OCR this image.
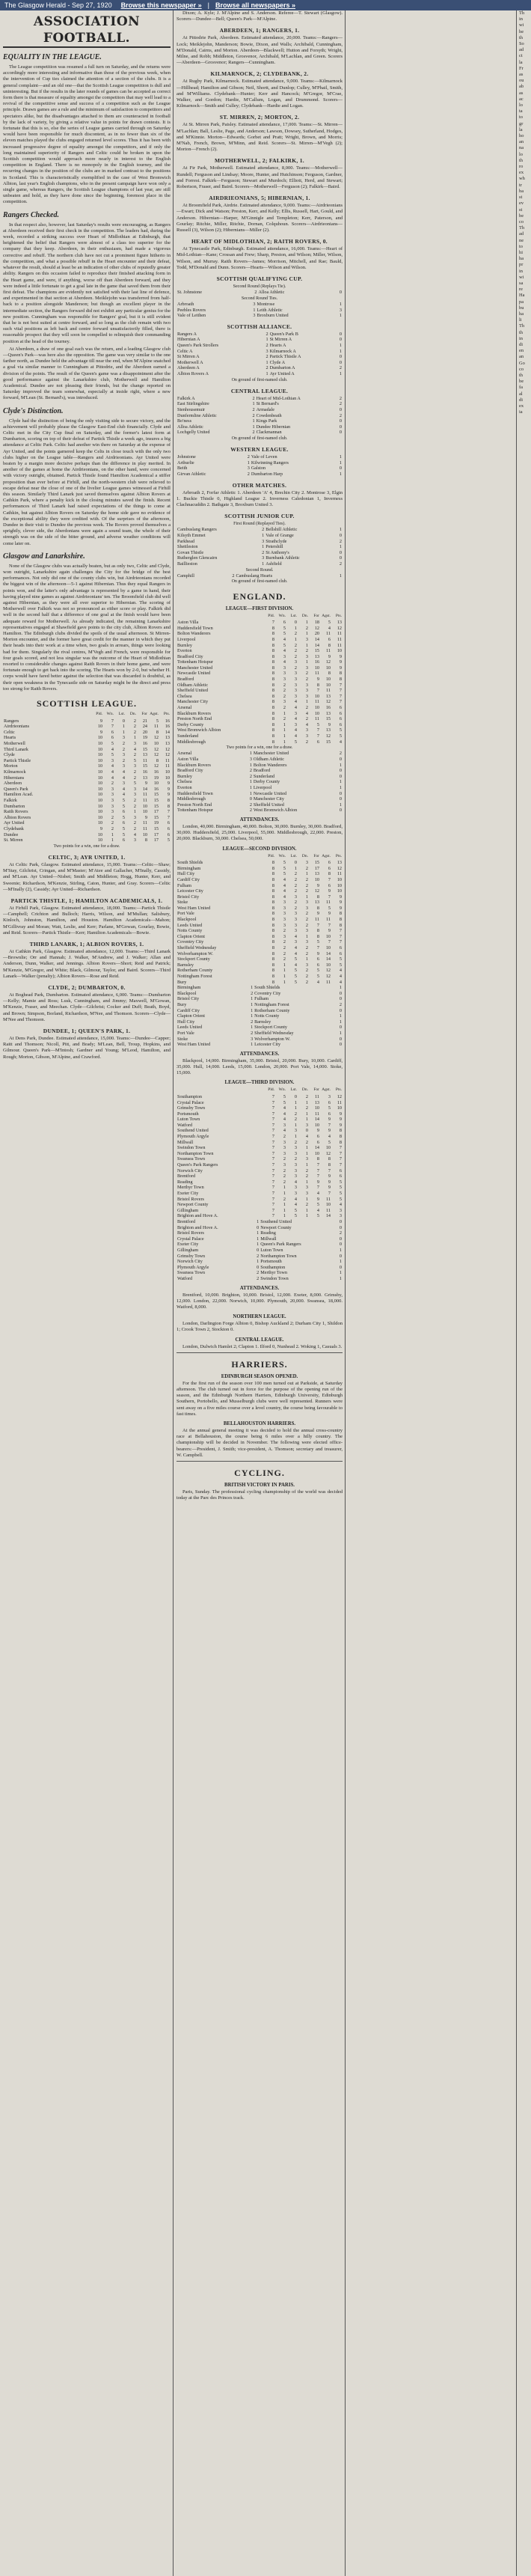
The Glasgow Herald - Sep 27, 1920 Browse this newspaper » | Browse all newspapers »
ASSOCIATION FOOTBALL.
EQUALITY IN THE LEAGUE.

The League competition was resumed a full turn on Saturday, and the returns were accordingly more interesting and informative than those of the previous week, when the intervention of Cup ties claimed the attention of a section of the clubs. It is a general complaint—and an old one—that the Scottish League competition is dull and uninteresting. But if the results in the later rounds of games can be accepted as correct form there is that measure of equality amongst the competitors that may well lead to a revival of the competitive sense and success of a competition such as the League principle. Drawn games are a rule and the minimum of satisfaction to competitors and spectators alike, but the disadvantages attached to them are counteracted in football by the lack of variety, by giving a relative value in points for drawn contests. It is fortunate that this is so, else the series of League games carried through on Saturday would have been responsible for much discontent, as in no fewer than six of the eleven matches played the clubs engaged returned level scores. Thus it has been with increased progressive degree of equality amongst the competitors, and if only the long maintained superiority of Rangers and Celtic could be broken in upon the Scottish competition would approach more nearly in interest to the English competition in England. There is no monopoly in the English tourney, and the recurring changes in the position of the clubs are in marked contrast to the positions in Scotland. This is characteristically exemplified in the case of West Bromwich Albion, last year's English champions, who in the present campaign have won only a single game, whereas Rangers, the Scottish League champions of last year, are still unbeaten and hold, as they have done since the beginning, foremost place in the competition.

Rangers Checked.

In that respect also, however, last Saturday's results were encouraging, as Rangers at Aberdeen received their first check in the competition. The leaders had, during the week, recorded a striking success over Heart of Midlothian at Edinburgh, that heightened the belief that Rangers were almost of a class too superior for the company that they keep. Aberdeen, in their enthusiasm, had made a vigorous corrective and rebuff. The northern club have not cut a prominent figure hitherto in the competition, and what a possible rebuff in the Heart encounter and their defeat, whatever the result, should at least be an indication of other clubs of reputedly greater ability. Rangers on this occasion failed to reproduce their finished attacking form in the Heart game, and were, if anything, worse off than Aberdeen forward, and they were indeed a little fortunate to get a goal late in the game that saved them from their first defeat. The champions are evidently not satisfied with their last line of defence, and experimented in that section at Aberdeen. Meiklejohn was transferred from half-back to a position alongside Manderson; but though an excellent player in the intermediate section, the Rangers forward did not exhibit any particular genius for the new position. Cunningham was responsible for Rangers' goal, but it is still evident that he is not best suited at centre forward, and so long as the club remain with two such vital positions as left back and centre forward unsatisfactorily filled, there is reasonable prospect that they will soon be compelled to relinquish their commanding position at the head of the tourney.

At Aberdeen, a draw of one goal each was the return, and a leading Glasgow club—Queen's Park—was here also the opposition. The game was very similar to the one farther north, as Dundee held the advantage till near the end, when M'Alpine snatched a goal via similar manner to Cunningham at Pittodrie, and the Aberdeen earned a division of the points. The result of the Queen's game was a disappointment after the good performance against the Lanarkshire club, Motherwell and Hamilton Academical. Dundee are not pleasing their friends, but the change reported on Saturday improved the team somewhat, especially at inside right, where a new forward, M'Lean (St. Bernard's), was introduced.

Clyde's Distinction.

Clyde had the distinction of being the only visiting side to secure victory, and the achievement will probably please the Glasgow East-End club financially. Clyde and Celtic met in the City Cup final on Saturday, and the former's latest form at Dumbarton, scoring on top of their defeat of Partick Thistle a week ago, insures a big attendance at Celtic Park. Celtic had another win there on Saturday at the expense of Ayr United, and the points garnered keep the Celts in close touch with the only two clubs higher on the League table—Rangers and Airdrieonians. Ayr United were beaten by a margin more decisive perhaps than the difference in play merited. In another of the games at home the Airdrieonians, on the other hand, were concerned with victory outright, obtained. Partick Thistle found Hamilton Academical a stiffer proposition than ever before at Firhill, and the north-western club were relieved to escape defeat near the close of one of the livelier League games witnessed at Firhill this season. Similarly Third Lanark just saved themselves against Albion Rovers at Cathkin Park, where a penalty kick in the closing minutes saved the finish. Recent performances of Third Lanark had raised expectations of the things to come at Cathkin, but against Albion Rovers on Saturday the home side gave no evidence of the exceptional ability they were credited with. Of the surprises of the afternoon, Dundee in their visit to Dundee the previous week. The Rovers proved themselves a sprightly, clever side, the Aberdonians were again a sound team, the whole of their strength was on the side of the bitter ground, and adverse weather conditions will come later on.

Glasgow and Lanarkshire.

None of the Glasgow clubs was actually beaten, but as only two, Celtic and Clyde, won outright, Lanarkshire again challenges the City for the bridge of the best performances. Not only did one of the county clubs win, but Airdrieonians recorded the biggest win of the afternoon—5-1 against Hibernian. Thus they equal Rangers in points won, and the latter's only advantage is represented by a game in hand, their having played nine games as against Airdrieonians' ten. The Broomfield club did well against Hibernian, as they were all over superior to Hibernian. The scoring of Motherwell over Falkirk was not so pronounced as either score or play. Falkirk did well in the second half that a difference of one goal at the finish would have been adequate reward for Motherwell. As already indicated, the remaining Lanarkshire representatives engaged at Shawfield gave points to the city club, Albion Rovers and Hamilton. The Edinburgh clubs divided the spoils of the usual afternoon. St Mirren-Morton encounter, and the former have great credit for the manner in which they put their heads into their work at a time when, two goals in arrears, things were looking bad for them. Singularly the rival centres, M'Vegh and French, were responsible for four goals scored, and not less singular was the outcome of the Heart of Midlothian resorted to considerable changes against Raith Rovers in their home game, and were fortunate enough to get back into the scoring. The Hearts won by 2-0, but whether H. corps would have fared better against the selection that was discarded is doubtful, as their open weakness in the Tynecastle side on Saturday might be the direct and press too strong for Raith Rovers.

SCOTTISH LEAGUE.
	Pld.	Wn.	Lst.	Dn.	For	Agst.	Pts.
Rangers	9	7	0	2	21	5	16
Airdrieonians	10	7	1	2	24	11	16
Celtic	9	6	1	2	20	8	14
Hearts	10	6	3	1	19	12	13
Motherwell	10	5	2	3	16	10	13
Third Lanark	10	4	2	4	15	12	12
Clyde	10	5	3	2	13	12	12
Partick Thistle	10	3	2	5	11	8	11
Morton	10	4	3	3	15	12	11
Kilmarnock	10	4	4	2	16	16	10
Hibernians	10	4	4	2	13	19	10
Aberdeen	10	2	3	5	9	10	9
Queen's Park	10	3	4	3	14	16	9
Hamilton Acad.	10	3	4	3	11	15	9
Falkirk	10	3	5	2	11	15	8
Dumbarton	10	3	5	2	10	15	8
Raith Rovers	10	3	6	1	10	17	7
Albion Rovers	10	2	5	3	9	15	7
Ayr United	10	2	6	2	11	19	6
Clydebank	9	2	5	2	11	15	6
Dundee	10	1	5	4	10	17	6
St. Mirren	10	1	6	3	8	17	5
Two points for a win, one for a draw.
CELTIC, 3; AYR UNITED, 1.

At Celtic Park, Glasgow. Estimated attendance, 15,000. Teams:—Celtic—Shaw; M'Stay, Gilchrist, Cringan, and M'Master; M'Atee and Gallacher, M'Inally, Cassidy, and M'Lean. Ayr United—Nisbet; Smith and Middleton; Hogg, Hunter, Kerr, and Sweenie; Richardson, M'Kenzie, Stirling, Caton, Hunter, and Gray. Scorers—Celtic—M'Inally (2), Cassidy; Ayr United—Richardson.

PARTICK THISTLE, 1; HAMILTON ACADEMICALS, 1.

At Firhill Park, Glasgow. Estimated attendance, 18,000. Teams:—Partick Thistle—Campbell; Crichton and Bulloch; Harris, Wilson, and M'Mullan; Salisbury, Kinloch, Johnston, Hamilton, and Houston. Hamilton Academicals—Mahon; M'Gillivray and Moran; Watt, Leslie, and Kerr; Parlane, M'Gowan, Gourlay, Bowie, and Reid. Scorers—Partick Thistle—Kerr; Hamilton Academicals—Bowie.

THIRD LANARK, 1; ALBION ROVERS, 1.

At Cathkin Park, Glasgow. Estimated attendance, 12,000. Teams:—Third Lanark—Brownlie; Orr and Hannah; J. Walker, M'Andrew, and J. Walker; Allan and Anderson, Dunn, Walker, and Jennings. Albion Rovers—Short; Reid and Patrick; M'Kenzie, M'Gregor, and White; Black, Gilmour, Taylor, and Baird. Scorers—Third Lanark—Walker (penalty); Albion Rovers—Rose and Reid.

CLYDE, 2; DUMBARTON, 0.

At Boghead Park, Dumbarton. Estimated attendance, 6,000. Teams:—Dumbarton—Kelly; Mamie and Ross; Lusk, Cunningham, and Jimmy; Maxwell, M'Gowan, M'Kenzie, Fraser, and Meechan. Clyde—Gilchrist; Cocker and Duff; Beath, Boyd, and Brown; Simpson, Borland, Richardson, M'Nee, and Thomson. Scorers—Clyde—M'Nee and Thomson.

DUNDEE, 1; QUEEN'S PARK, 1.

At Dens Park, Dundee. Estimated attendance, 15,000. Teams:—Dundee—Capper; Raitt and Thomson; Nicoll, Pitt, and Brady; M'Lean, Bell, Troup, Hopkins, and Gilmour. Queen's Park—M'Intosh; Gardner and Young; M'Leod, Hamilton, and Rough; Morton, Gibson, M'Alpine, and Crawford.

Dixon; A. Kyle; J. M'Alpine and S. Anderson. Referee—T. Stewart (Glasgow). Scorers—Dundee—Bell; Queen's Park—M'Alpine.

ABERDEEN, 1; RANGERS, 1.

At Pittodrie Park, Aberdeen. Estimated attendance, 20,000. Teams:—Rangers—Lock; Meiklejohn, Manderson; Bowie, Dixon, and Walls; Archibald, Cunningham, M'Donald, Cairns, and Morton. Aberdeen—Blackwell; Hutton and Forsyth; Wright, Milne, and Robb; Middleton, Grosvenor, Archibald, M'Lachlan, and Green. Scorers—Aberdeen—Grosvenor; Rangers—Cunningham.

KILMARNOCK, 2; CLYDEBANK, 2.

At Rugby Park, Kilmarnock. Estimated attendance, 9,000. Teams:—Kilmarnock—Hillhead; Hamilton and Gibson; Neil, Shortt, and Dunlop; Culley, M'Phail, Smith, and M'Williams. Clydebank—Hunter; Kerr and Hancock; M'Gregor, M'Crae, Walker, and Gordon; Hardie, M'Callum, Logan, and Drummond. Scorers—Kilmarnock—Smith and Culley; Clydebank—Hardie and Logan.

ST. MIRREN, 2; MORTON, 2.

At St. Mirren Park, Paisley. Estimated attendance, 17,000. Teams:—St. Mirren—M'Lachlan; Ball, Leslie, Page, and Anderson; Lawson, Dowsey, Sutherland, Hodges, and M'Kinnie. Morton—Edwards; Gorbet and Pratt; Wright, Brown, and Morris; M'Nab, French, Brown, M'Minn, and Reid. Scorers—St. Mirren—M'Vegh (2); Morton—French (2).

MOTHERWELL, 2; FALKIRK, 1.

At Fir Park, Motherwell. Estimated attendance, 8,000. Teams:—Motherwell—Rundell; Ferguson and Lindsay; Moore, Hunter, and Hutchinson; Ferguson, Gardner, and Forrest. Falkirk—Ferguson; Stewart and Murdoch; Elliott, Herd, and Stewart; Robertson, Fraser, and Baird. Scorers—Motherwell—Ferguson (2); Falkirk—Baird.

AIRDRIEONIANS, 5; HIBERNIAN, 1.

At Broomfield Park, Airdrie. Estimated attendance, 9,000. Teams:—Airdrieonians—Ewart; Dick and Watson; Preston, Kerr, and Kelly; Ellis, Russell, Hart, Gould, and Anderson. Hibernian—Harper, M'Ginnigle and Templeton; Kerr, Paterson, and Gourlay; Ritchie, Miller, Ritchie, Dornan, Colquhoun. Scorers—Airdrieonians—Russell (3), Wilson (2); Hibernians—Miller (2).

HEART OF MIDLOTHIAN, 2; RAITH ROVERS, 0.

At Tynecastle Park, Edinburgh. Estimated attendance, 16,000. Teams:—Heart of Mid-Lothian—Kane; Crossan and Frew; Sharp, Preston, and Wilson; Miller, Wilson, Wilson, and Murray. Raith Rovers—James; Morrison, Mitchell, and Rae; Bauld, Todd, M'Donald and Dunn. Scorers—Hearts—Wilson and Wilson.

SCOTTISH QUALIFYING CUP.
Second Round (Replays Tie).
St. Johnstone	2	Alloa Athletic	0
Second Round Ties.
Arbroath	3	Montrose	1
Peebles Rovers	1	Leith Athletic	3
Vale of Leithen	3	Broxburn United	1
SCOTTISH ALLIANCE.
Rangers A	2	Queen's Park B	0
Hibernian A	1	St Mirren A	0
Queen's Park Strollers	2	Hearts A	1
Celtic A	3	Kilmarnock A	1
St Mirren A	2	Partick Thistle A	0
Motherwell A	1	Clyde A	0
Aberdeen A	2	Dumbarton A	2
Albion Rovers A	1	Ayr United A	1
On ground of first-named club.
CENTRAL LEAGUE.
Falkirk A	2	Heart of Mid-Lothian A	2
East Stirlingshire	1	St Bernard's	2
Stenhousemuir	2	Armadale	0
Dunfermline Athletic	2	Cowdenbeath	2
Bo'ness	1	Kings Park	0
Alloa Athletic	1	Dundee Hibernian	0
Lochgelly United	2	Clackmannan	0
On ground of first-named club.
WESTERN LEAGUE.
Johnstone	2	Vale of Leven	1
Arthurlie	1	Kilwinning Rangers	1
Beith	3	Galston	0
Girvan Athletic	2	Dumbarton Harp	1
OTHER MATCHES.

Arbroath 2, Forfar Athletic 1. Aberdeen 'A' 4, Brechin City 2. Montrose 3, Elgin 1. Buckie Thistle 0, Highland League 2. Inverness Caledonian 1, Inverness Clachnacuddin 2. Bathgate 3, Broxburn United 3.

SCOTTISH JUNIOR CUP.
First Round (Replayed Ties).
Cambuslang Rangers	2	Bellshill Athletic	1
Kilsyth Emmet	1	Vale of Grange	0
Parkhead	3	Strathclyde	2
Shettleston	1	Petershill	1
Govan Thistle	2	St Anthony's	0
Rutherglen Glencairn	3	Burnbank Athletic	0
Baillieston	1	Ashfield	2
Second Round.
Camphill	2	Cambuslang Hearts	1
On ground of first-named club.
ENGLAND.
LEAGUE—FIRST DIVISION.
	Pld.	Wn.	Lst.	Dn.	For	Agst.	Pts.
Aston Villa	7	6	0	1	18	5	13
Huddersfield Town	8	5	1	2	12	4	12
Bolton Wanderers	8	5	2	1	20	11	11
Liverpool	8	4	1	3	14	6	11
Burnley	8	5	2	1	14	8	11
Everton	8	4	2	2	15	11	10
Bradford City	8	3	2	3	13	9	9
Tottenham Hotspur	8	4	3	1	16	12	9
Manchester United	8	3	2	3	10	10	9
Newcastle United	8	3	3	2	11	8	8
Bradford	8	3	3	2	9	10	8
Oldham Athletic	8	2	3	3	8	10	7
Sheffield United	8	2	3	3	7	11	7
Chelsea	8	2	3	3	10	13	7
Manchester City	8	3	4	1	11	12	7
Arsenal	8	2	4	2	10	16	6
Blackburn Rovers	8	1	3	4	10	13	6
Preston North End	8	2	4	2	11	15	6
Derby County	8	1	3	4	5	9	6
West Bromwich Albion	8	1	4	3	7	13	5
Sunderland	8	1	4	3	7	12	5
Middlesbrough	8	1	5	2	6	15	4
Two points for a win, one for a draw.
Arsenal	1	Manchester United	2
Aston Villa	3	Oldham Athletic	0
Blackburn Rovers	1	Bolton Wanderers	1
Bradford City	2	Bradford	0
Burnley	2	Sunderland	0
Chelsea	1	Derby County	1
Everton	1	Liverpool	1
Huddersfield Town	1	Newcastle United	0
Middlesbrough	0	Manchester City	0
Preston North End	2	Sheffield United	1
Tottenham Hotspur	2	West Bromwich Albion	0
ATTENDANCES.

London, 40,000. Birmingham, 40,000. Bolton, 30,000. Burnley, 30,000. Bradford, 30,000. Huddersfield, 25,000. Liverpool, 55,000. Middlesbrough, 22,000. Preston, 20,000. Blackburn, 30,000. Chelsea, 50,000.

LEAGUE—SECOND DIVISION.
	Pld.	Wn.	Lst.	Dn.	For	Agst.	Pts.
South Shields	8	5	0	3	15	6	13
Birmingham	8	5	1	2	17	6	12
Hull City	8	5	2	1	13	8	11
Cardiff City	8	4	2	2	10	7	10
Fulham	8	4	2	2	9	6	10
Leicester City	8	4	2	2	12	9	10
Bristol City	8	4	3	1	8	7	9
Stoke	8	3	2	3	13	11	9
West Ham United	8	3	2	3	8	5	9
Port Vale	8	3	3	2	9	9	8
Blackpool	8	3	3	2	11	11	8
Leeds United	8	3	3	2	7	7	8
Notts County	8	2	3	3	8	9	7
Clapton Orient	8	3	4	1	8	10	7
Coventry City	8	2	3	3	5	7	7
Sheffield Wednesday	8	2	4	2	7	10	6
Wolverhampton W.	8	2	4	2	9	14	6
Stockport County	8	2	5	1	6	14	5
Barnsley	8	1	4	3	6	10	5
Rotherham County	8	1	5	2	5	12	4
Nottingham Forest	8	1	5	2	5	12	4
Bury	8	1	5	2	4	11	4
Birmingham	1	South Shields	1
Blackpool	2	Coventry City	0
Bristol City	1	Fulham	0
Bury	1	Nottingham Forest	2
Cardiff City	1	Rotherham County	0
Clapton Orient	1	Notts County	1
Hull City	2	Barnsley	1
Leeds United	1	Stockport County	0
Port Vale	2	Sheffield Wednesday	1
Stoke	3	Wolverhampton W.	0
West Ham United	1	Leicester City	0
ATTENDANCES.

Blackpool, 14,000. Birmingham, 35,000. Bristol, 20,000. Bury, 10,000. Cardiff, 35,000. Hull, 14,000. Leeds, 15,000. London, 20,000. Port Vale, 14,000. Stoke, 15,000.

LEAGUE—THIRD DIVISION.
	Pld.	Wn.	Lst.	Dn.	For	Agst.	Pts.
Southampton	7	5	0	2	11	3	12
Crystal Palace	7	5	1	1	13	6	11
Grimsby Town	7	4	1	2	10	5	10
Portsmouth	7	4	2	1	11	6	9
Luton Town	7	4	2	1	14	9	9
Watford	7	3	1	3	10	7	9
Southend United	7	4	3	0	9	9	8
Plymouth Argyle	7	2	1	4	6	4	8
Millwall	7	3	2	2	6	5	8
Swindon Town	7	3	3	1	14	10	7
Northampton Town	7	3	3	1	10	12	7
Swansea Town	7	2	2	3	8	8	7
Queen's Park Rangers	7	3	3	1	7	8	7
Norwich City	7	2	3	2	7	7	6
Brentford	7	2	3	2	7	9	6
Reading	7	2	4	1	9	9	5
Merthyr Town	7	1	3	3	7	9	5
Exeter City	7	1	3	3	4	7	5
Bristol Rovers	7	2	4	1	9	11	5
Newport County	7	1	4	2	5	10	4
Gillingham	7	1	5	1	4	11	3
Brighton and Hove A.	7	1	5	1	5	14	3
Brentford	1	Southend United	0
Brighton and Hove A.	0	Newport County	0
Bristol Rovers	1	Reading	2
Crystal Palace	1	Millwall	0
Exeter City	1	Queen's Park Rangers	0
Gillingham	0	Luton Town	1
Grimsby Town	2	Northampton Town	0
Norwich City	1	Portsmouth	1
Plymouth Argyle	0	Southampton	0
Swansea Town	2	Merthyr Town	1
Watford	2	Swindon Town	1
ATTENDANCES.

Brentford, 10,000. Brighton, 10,000. Bristol, 12,000. Exeter, 8,000. Grimsby, 12,000. London, 22,000. Norwich, 10,000. Plymouth, 20,000. Swansea, 18,000. Watford, 8,000.

NORTHERN LEAGUE.

London, Darlington Forge Albion 0, Bishop Auckland 2; Durham City 1, Shildon 1; Crook Town 2, Stockton 0.

CENTRAL LEAGUE.

London, Dulwich Hamlet 2; Clapton 1. Ilford 0, Nunhead 2. Woking 1, Casuals 3.

HARRIERS.
EDINBURGH SEASON OPENED.

For the first run of the season over 100 men turned out at Parkside, at Saturday afternoon. The club turned out in force for the purpose of the opening run of the season, and the Edinburgh Northern Harriers, Edinburgh University, Edinburgh Southern, Portobello, and Musselburgh clubs were well represented. Runners were sent away on a five miles course over a level country, the course being favourable to fast times.

BELLAHOUSTON HARRIERS.

At the annual general meeting it was decided to hold the annual cross-country race at Bellahouston, the course being 6 miles over a hilly country. The championship will be decided in November. The following were elected office-bearers:—President, J. Smith; vice-president, A. Thomson; secretary and treasurer, W. Campbell.

CYCLING.
BRITISH VICTORY IN PARIS.

Paris, Sunday. The professional cycling championship of the world was decided today at the Parc des Princes track.

Th
in
wi
he
th
So
ad
ct
la
Fr
as
ou
ab
as
ac
lo
ta
to
gr
la
ho
an
na
lo
th
ro
ex
wh
tr
ba
st
ev
st
be
co
Th
ad
ne
to
hi
ha
pr
in
wi
sa
re
Ha
pa
bu
ha
li
Th
th
in
di
en
an
Go
co
th
be
fa
al
di
ex
ia
